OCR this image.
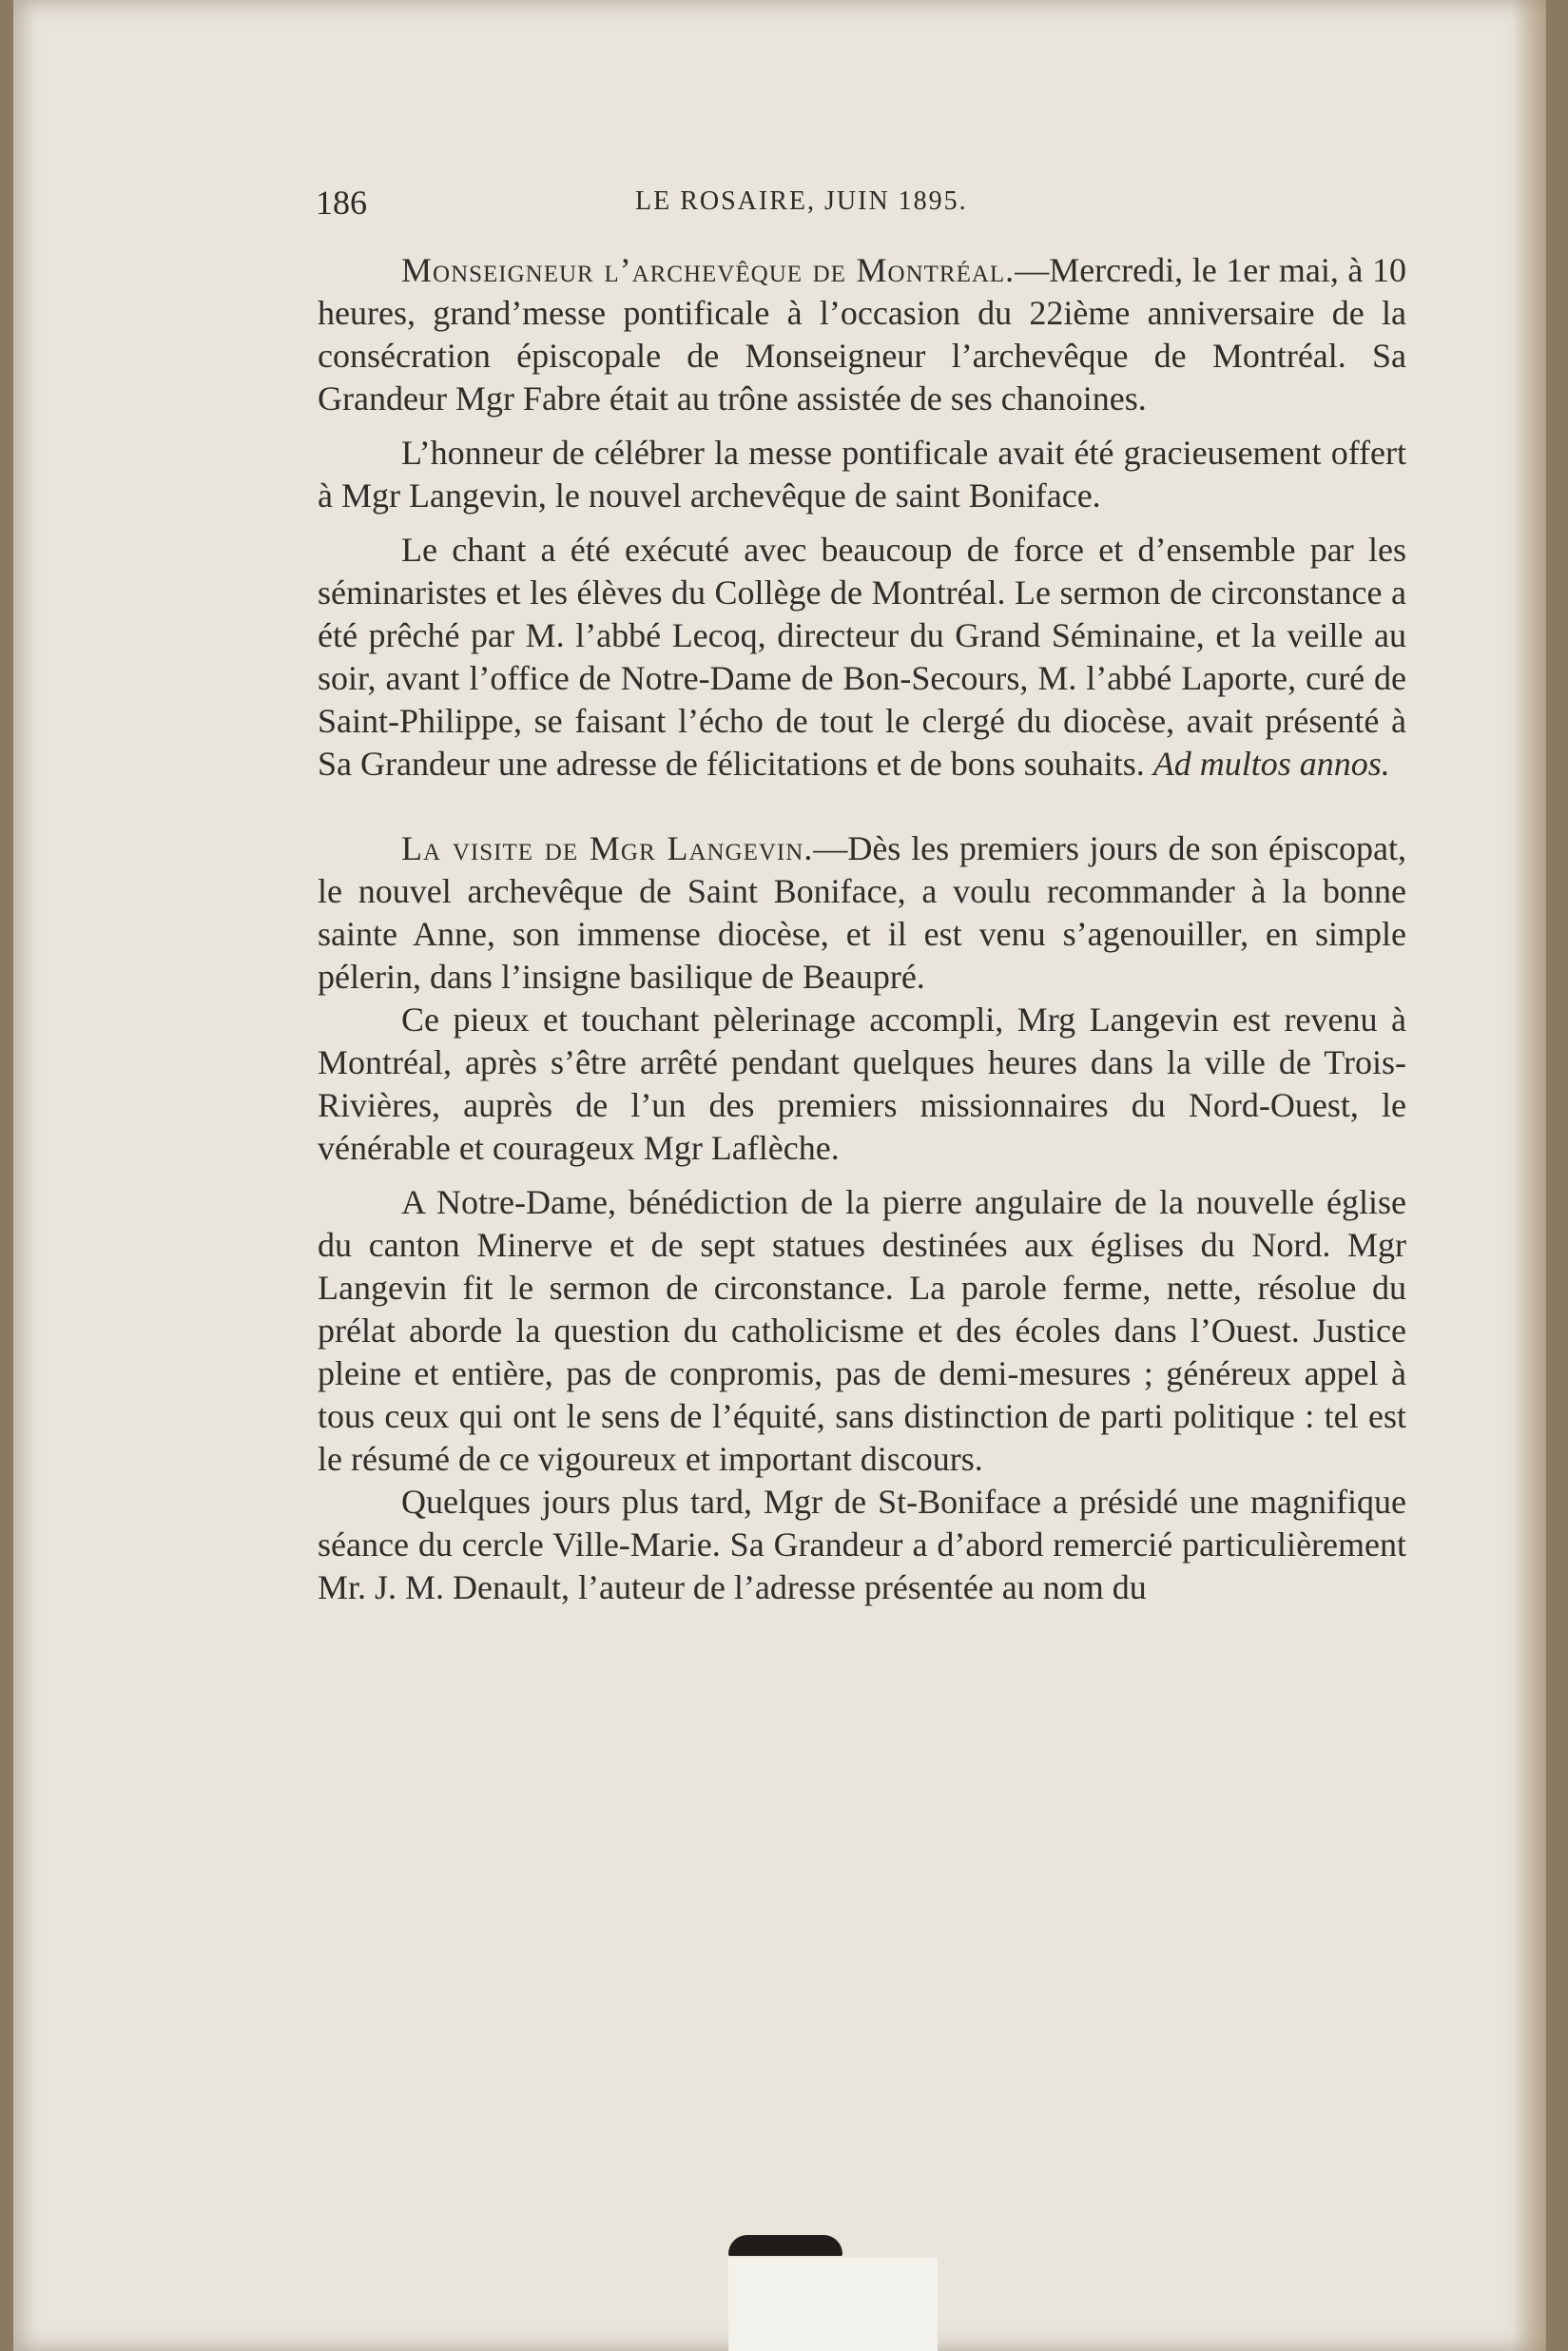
186	LE ROSAIRE, JUIN 1895.

Monseigneur l’archevêque de Montréal.—Mercredi, le 1er mai, à 10 heures, grand’messe pontificale à l’occasion du 22ième anniversaire de la consécration épiscopale de Monseigneur l’archevêque de Montréal. Sa Grandeur Mgr Fabre était au trône assistée de ses chanoines.

L’honneur de célébrer la messe pontificale avait été gracieusement offert à Mgr Langevin, le nouvel archevêque de saint Boniface.

Le chant a été exécuté avec beaucoup de force et d’ensemble par les séminaristes et les élèves du Collège de Montréal. Le sermon de circonstance a été prêché par M. l’abbé Lecoq, directeur du Grand Séminaine, et la veille au soir, avant l’office de Notre-Dame de Bon-Secours, M. l’abbé Laporte, curé de Saint-Philippe, se faisant l’écho de tout le clergé du diocèse, avait présenté à Sa Grandeur une adresse de félicitations et de bons souhaits. Ad multos annos.

La visite de Mgr Langevin.—Dès les premiers jours de son épiscopat, le nouvel archevêque de Saint Boniface, a voulu recommander à la bonne sainte Anne, son immense diocèse, et il est venu s’agenouiller, en simple pélerin, dans l’insigne basilique de Beaupré.

Ce pieux et touchant pèlerinage accompli, Mrg Langevin est revenu à Montréal, après s’être arrêté pendant quelques heures dans la ville de Trois-Rivières, auprès de l’un des premiers missionnaires du Nord-Ouest, le vénérable et courageux Mgr Laflèche.

A Notre-Dame, bénédiction de la pierre angulaire de la nouvelle église du canton Minerve et de sept statues destinées aux églises du Nord. Mgr Langevin fit le sermon de circonstance. La parole ferme, nette, résolue du prélat aborde la question du catholicisme et des écoles dans l’Ouest. Justice pleine et entière, pas de conpromis, pas de demi-mesures ; généreux appel à tous ceux qui ont le sens de l’équité, sans distinction de parti politique : tel est le résumé de ce vigoureux et important discours.

Quelques jours plus tard, Mgr de St-Boniface a présidé une magnifique séance du cercle Ville-Marie. Sa Grandeur a d’abord remercié particulièrement Mr. J. M. Denault, l’auteur de l’adresse présentée au nom du
